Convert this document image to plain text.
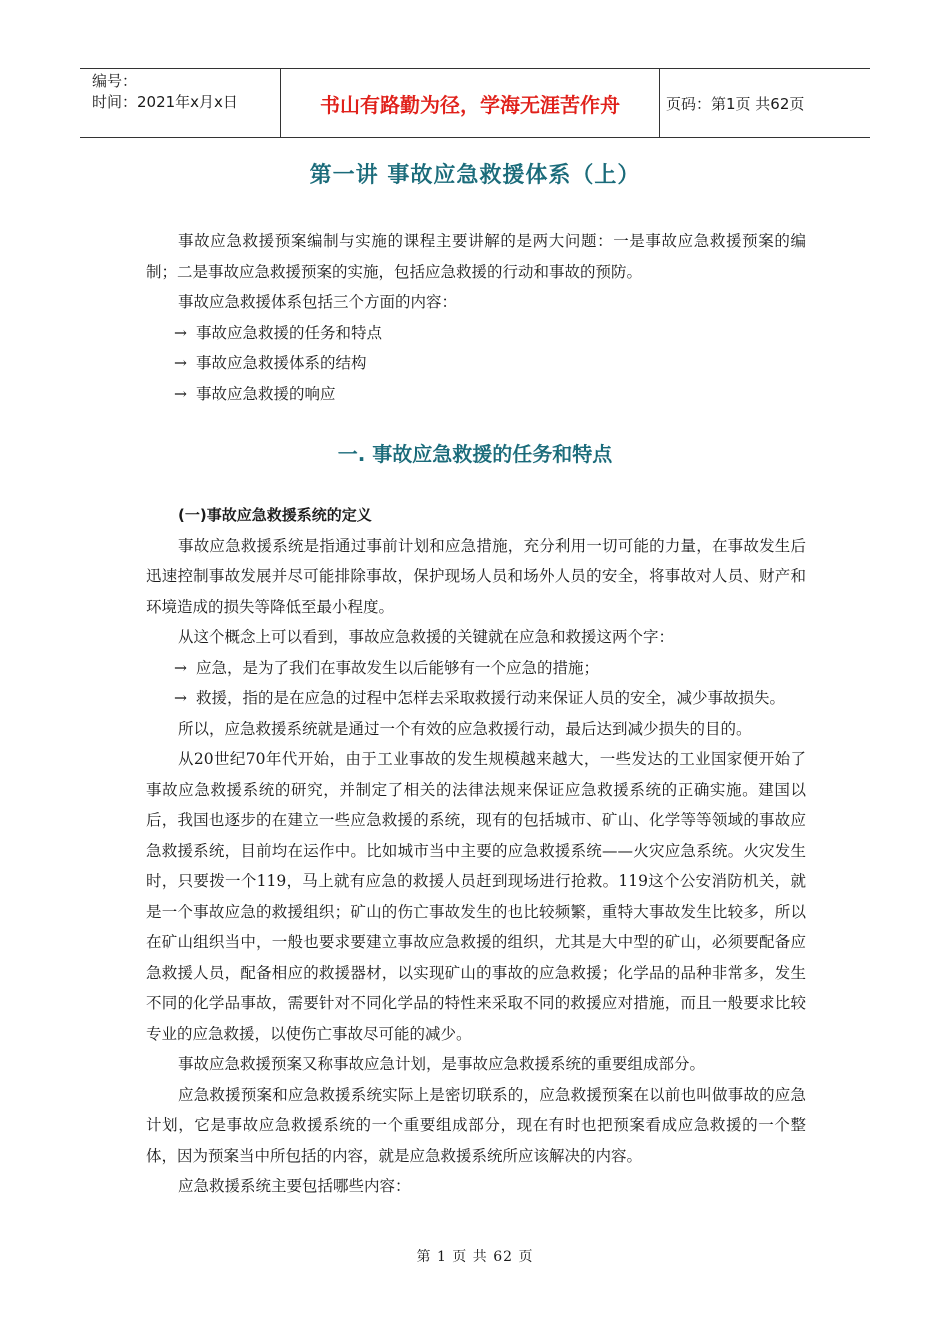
编号：
时间：2021年x月x日	书山有路勤为径，学海无涯苦作舟	页码：第1页 共62页
第一讲 事故应急救援体系（上）

事故应急救援预案编制与实施的课程主要讲解的是两大问题：一是事故应急救援预案的编制；二是事故应急救援预案的实施，包括应急救援的行动和事故的预防。

事故应急救援体系包括三个方面的内容：

→ 事故应急救援的任务和特点

→ 事故应急救援体系的结构

→ 事故应急救援的响应

一. 事故应急救援的任务和特点

(一)事故应急救援系统的定义

事故应急救援系统是指通过事前计划和应急措施，充分利用一切可能的力量，在事故发生后迅速控制事故发展并尽可能排除事故，保护现场人员和场外人员的安全，将事故对人员、财产和环境造成的损失等降低至最小程度。

从这个概念上可以看到，事故应急救援的关键就在应急和救援这两个字：

→ 应急，是为了我们在事故发生以后能够有一个应急的措施；

→ 救援，指的是在应急的过程中怎样去采取救援行动来保证人员的安全，减少事故损失。

所以，应急救援系统就是通过一个有效的应急救援行动，最后达到减少损失的目的。

从20世纪70年代开始，由于工业事故的发生规模越来越大，一些发达的工业国家便开始了事故应急救援系统的研究，并制定了相关的法律法规来保证应急救援系统的正确实施。建国以后，我国也逐步的在建立一些应急救援的系统，现有的包括城市、矿山、化学等等领域的事故应急救援系统，目前均在运作中。比如城市当中主要的应急救援系统——火灾应急系统。火灾发生时，只要拨一个119，马上就有应急的救援人员赶到现场进行抢救。119这个公安消防机关，就是一个事故应急的救援组织；矿山的伤亡事故发生的也比较频繁，重特大事故发生比较多，所以在矿山组织当中，一般也要求要建立事故应急救援的组织，尤其是大中型的矿山，必须要配备应急救援人员，配备相应的救援器材，以实现矿山的事故的应急救援；化学品的品种非常多，发生不同的化学品事故，需要针对不同化学品的特性来采取不同的救援应对措施，而且一般要求比较专业的应急救援，以使伤亡事故尽可能的减少。

事故应急救援预案又称事故应急计划，是事故应急救援系统的重要组成部分。

应急救援预案和应急救援系统实际上是密切联系的，应急救援预案在以前也叫做事故的应急计划，它是事故应急救援系统的一个重要组成部分，现在有时也把预案看成应急救援的一个整体，因为预案当中所包括的内容，就是应急救援系统所应该解决的内容。

应急救援系统主要包括哪些内容：

第 1 页 共 62 页
